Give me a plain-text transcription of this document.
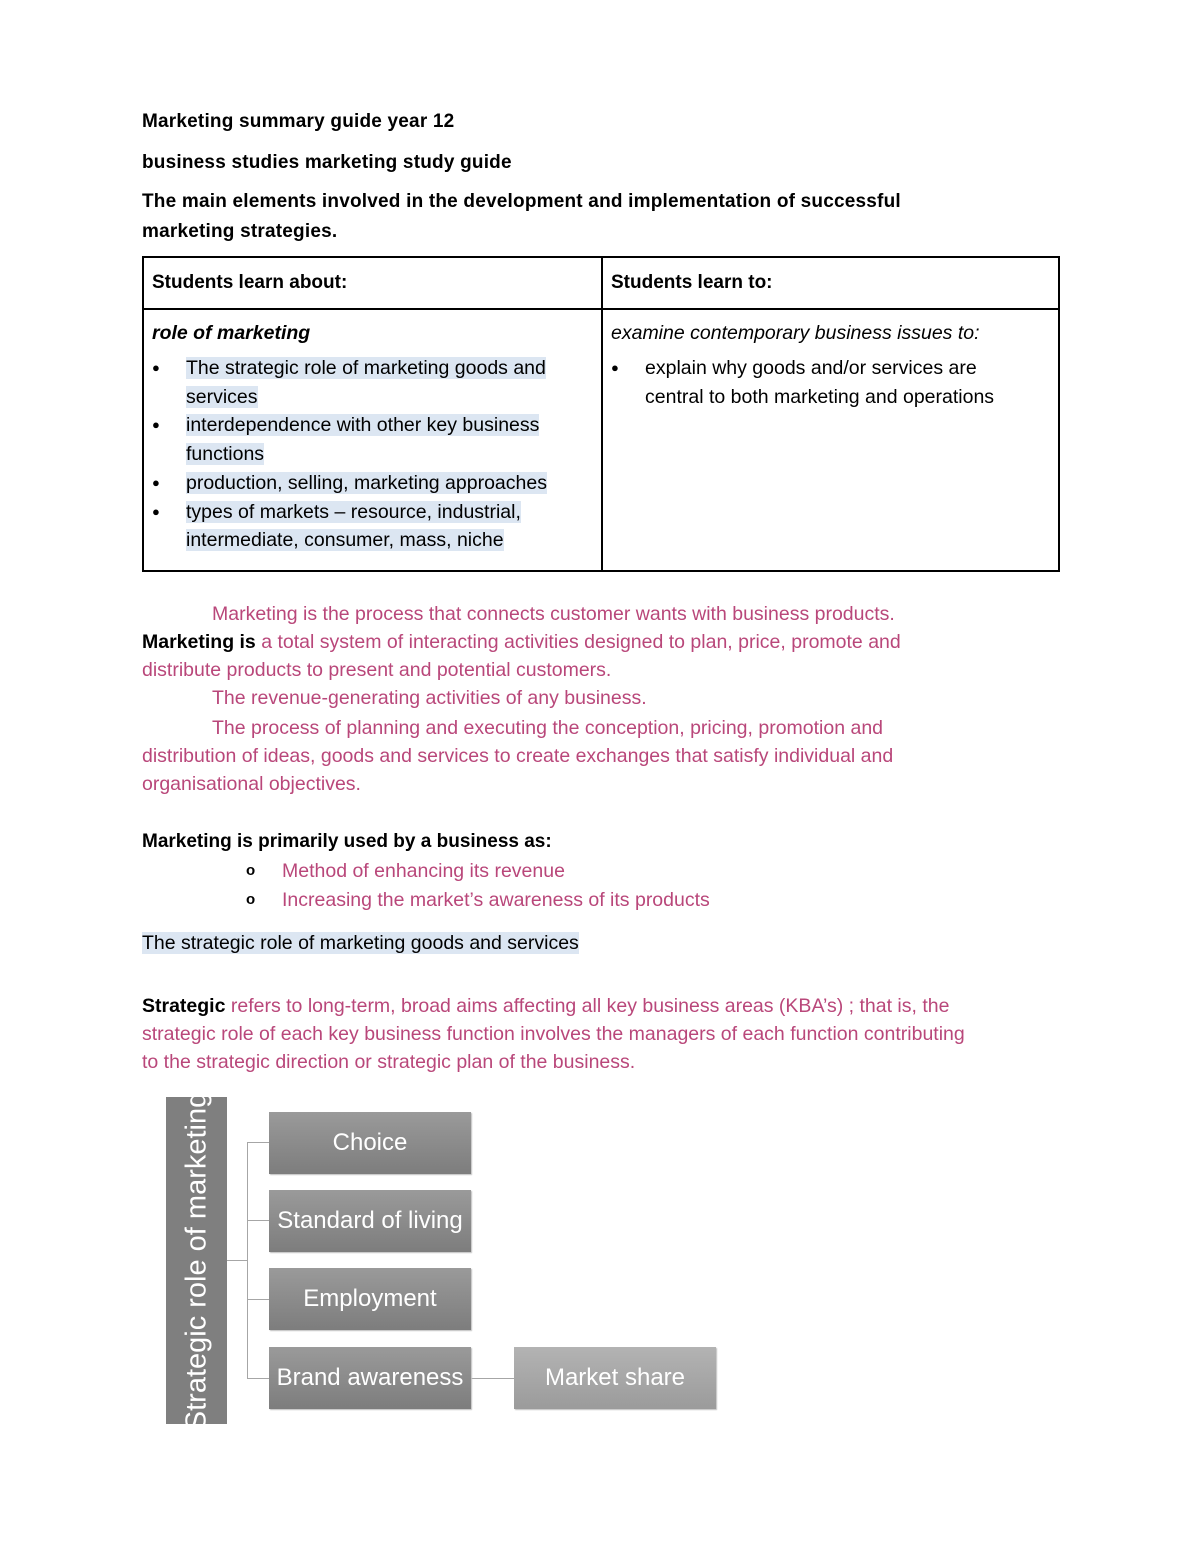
Marketing summary guide year 12
business studies marketing study guide
The main elements involved in the development and implementation of successful
marketing strategies.
Students learn about:	Students learn to:
role of marketing
●	The strategic role of marketing goods and
services
●	interdependence with other key business
functions
●	production, selling, marketing approaches
●	types of markets – resource, industrial,
intermediate, consumer, mass, niche
examine contemporary business issues to:
●	explain why goods and/or services are
central to both marketing and operations
Marketing is the process that connects customer wants with business products.
Marketing is a total system of interacting activities designed to plan, price, promote and
distribute products to present and potential customers.
The revenue-generating activities of any business.
The process of planning and executing the conception, pricing, promotion and
distribution of ideas, goods and services to create exchanges that satisfy individual and
organisational objectives.
Marketing is primarily used by a business as:
o Method of enhancing its revenue
o Increasing the market’s awareness of its products
The strategic role of marketing goods and services
Strategic refers to long-term, broad aims affecting all key business areas (KBA’s) ; that is, the
strategic role of each key business function involves the managers of each function contributing
to the strategic direction or strategic plan of the business.
Strategic role of marketing	Choice
Standard of living
Employment
Brand awareness	Market share
